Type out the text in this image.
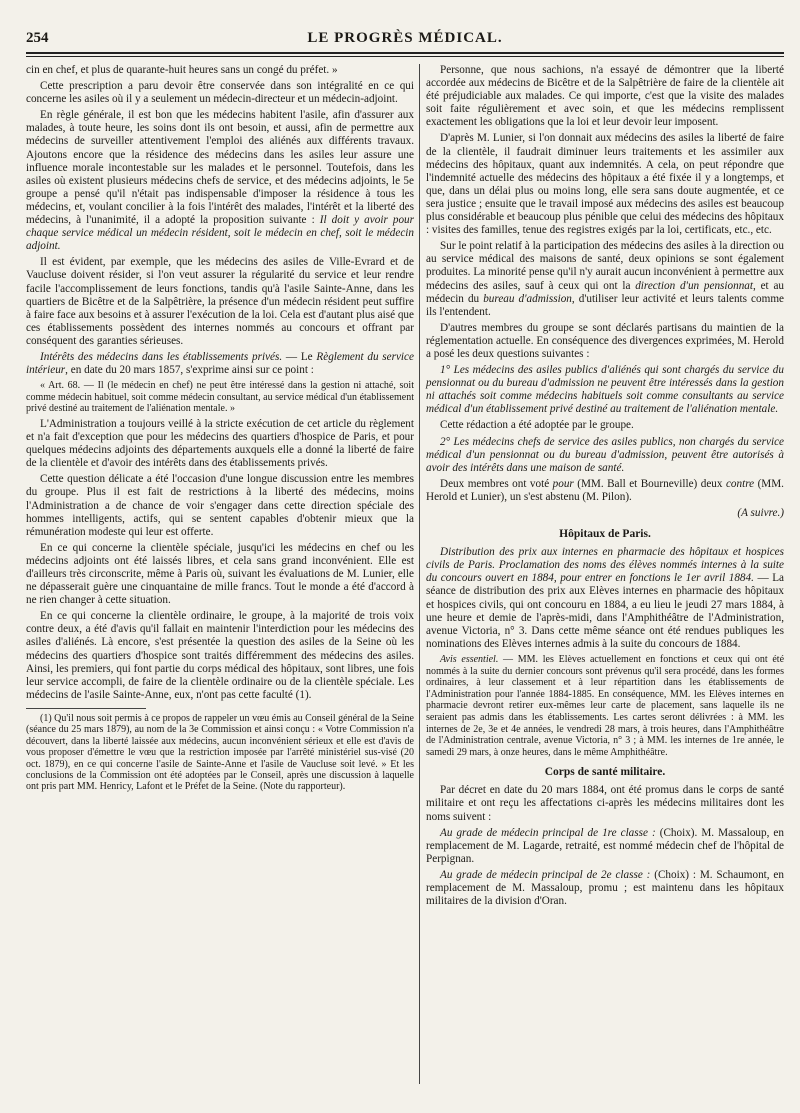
254	LE PROGRÈS MÉDICAL.

cin en chef, et plus de quarante-huit heures sans un congé du préfet. »

Cette prescription a paru devoir être conservée dans son intégralité en ce qui concerne les asiles où il y a seulement un médecin-directeur et un médecin-adjoint.

En règle générale, il est bon que les médecins habitent l'asile, afin d'assurer aux malades, à toute heure, les soins dont ils ont besoin, et aussi, afin de permettre aux médecins de surveiller attentivement l'emploi des aliénés aux différents travaux. Ajoutons encore que la résidence des médecins dans les asiles leur assure une influence morale incontestable sur les malades et le personnel. Toutefois, dans les asiles où existent plusieurs médecins chefs de service, et des médecins adjoints, le 5e groupe a pensé qu'il n'était pas indispensable d'imposer la résidence à tous les médecins, et, voulant concilier à la fois l'intérêt des malades, l'intérêt et la liberté des médecins, à l'unanimité, il a adopté la proposition suivante : Il doit y avoir pour chaque service médical un médecin résident, soit le médecin en chef, soit le médecin adjoint.

Il est évident, par exemple, que les médecins des asiles de Ville-Evrard et de Vaucluse doivent résider, si l'on veut assurer la régularité du service et leur rendre facile l'accomplissement de leurs fonctions, tandis qu'à l'asile Sainte-Anne, dans les quartiers de Bicêtre et de la Salpêtrière, la présence d'un médecin résident peut suffire à faire face aux besoins et à assurer l'exécution de la loi. Cela est d'autant plus aisé que ces établissements possèdent des internes nommés au concours et offrant par conséquent des garanties sérieuses.

Intérêts des médecins dans les établissements privés. — Le Règlement du service intérieur, en date du 20 mars 1857, s'exprime ainsi sur ce point :

« Art. 68. — Il (le médecin en chef) ne peut être intéressé dans la gestion ni attaché, soit comme médecin habituel, soit comme médecin consultant, au service médical d'un établissement privé destiné au traitement de l'aliénation mentale. »

L'Administration a toujours veillé à la stricte exécution de cet article du règlement et n'a fait d'exception que pour les médecins des quartiers d'hospice de Paris, et pour quelques médecins adjoints des départements auxquels elle a donné la liberté de faire de la clientèle et d'avoir des intérêts dans des établissements privés.

Cette question délicate a été l'occasion d'une longue discussion entre les membres du groupe. Plus il est fait de restrictions à la liberté des médecins, moins l'Administration a de chance de voir s'engager dans cette direction spéciale des hommes intelligents, actifs, qui se sentent capables d'obtenir mieux que la rémunération modeste qui leur est offerte.

En ce qui concerne la clientèle spéciale, jusqu'ici les médecins en chef ou les médecins adjoints ont été laissés libres, et cela sans grand inconvénient. Elle est d'ailleurs très circonscrite, même à Paris où, suivant les évaluations de M. Lunier, elle ne dépasserait guère une cinquantaine de mille francs. Tout le monde a été d'accord à ne rien changer à cette situation.

En ce qui concerne la clientèle ordinaire, le groupe, à la majorité de trois voix contre deux, a été d'avis qu'il fallait en maintenir l'interdiction pour les médecins des asiles d'aliénés. Là encore, s'est présentée la question des asiles de la Seine où les médecins des quartiers d'hospice sont traités différemment des médecins des asiles. Ainsi, les premiers, qui font partie du corps médical des hôpitaux, sont libres, une fois leur service accompli, de faire de la clientèle ordinaire ou de la clientèle spéciale. Les médecins de l'asile Sainte-Anne, eux, n'ont pas cette faculté (1).

(1) Qu'il nous soit permis à ce propos de rappeler un vœu émis au Conseil général de la Seine (séance du 25 mars 1879), au nom de la 3e Commission et ainsi conçu : « Votre Commission n'a découvert, dans la liberté laissée aux médecins, aucun inconvénient sérieux et elle est d'avis de vous proposer d'émettre le vœu que la restriction imposée par l'arrêté ministériel sus-visé (20 oct. 1879), en ce qui concerne l'asile de Sainte-Anne et l'asile de Vaucluse soit levé. » Et les conclusions de la Commission ont été adoptées par le Conseil, après une discussion à laquelle ont pris part MM. Henricy, Lafont et le Préfet de la Seine. (Note du rapporteur).

Personne, que nous sachions, n'a essayé de démontrer que la liberté accordée aux médecins de Bicêtre et de la Salpêtrière de faire de la clientèle ait été préjudiciable aux malades. Ce qui importe, c'est que la visite des malades soit faite régulièrement et avec soin, et que les médecins remplissent exactement les obligations que la loi et leur devoir leur imposent.

D'après M. Lunier, si l'on donnait aux médecins des asiles la liberté de faire de la clientèle, il faudrait diminuer leurs traitements et les assimiler aux médecins des hôpitaux, quant aux indemnités. A cela, on peut répondre que l'indemnité actuelle des médecins des hôpitaux a été fixée il y a longtemps, et que, dans un délai plus ou moins long, elle sera sans doute augmentée, et ce sera justice ; ensuite que le travail imposé aux médecins des asiles est beaucoup plus considérable et beaucoup plus pénible que celui des médecins des hôpitaux : visites des familles, tenue des registres exigés par la loi, certificats, etc., etc.

Sur le point relatif à la participation des médecins des asiles à la direction ou au service médical des maisons de santé, deux opinions se sont également produites. La minorité pense qu'il n'y aurait aucun inconvénient à permettre aux médecins des asiles, sauf à ceux qui ont la direction d'un pensionnat, et au médecin du bureau d'admission, d'utiliser leur activité et leurs talents comme ils l'entendent.

D'autres membres du groupe se sont déclarés partisans du maintien de la réglementation actuelle. En conséquence des divergences exprimées, M. Herold a posé les deux questions suivantes :

1° Les médecins des asiles publics d'aliénés qui sont chargés du service du pensionnat ou du bureau d'admission ne peuvent être intéressés dans la gestion ni attachés soit comme médecins habituels soit comme consultants au service médical d'un établissement privé destiné au traitement de l'aliénation mentale.

Cette rédaction a été adoptée par le groupe.

2° Les médecins chefs de service des asiles publics, non chargés du service médical d'un pensionnat ou du bureau d'admission, peuvent être autorisés à avoir des intérêts dans une maison de santé.

Deux membres ont voté pour (MM. Ball et Bourneville) deux contre (MM. Herold et Lunier), un s'est abstenu (M. Pilon).

(A suivre.)

Hôpitaux de Paris.

Distribution des prix aux internes en pharmacie des hôpitaux et hospices civils de Paris. Proclamation des noms des élèves nommés internes à la suite du concours ouvert en 1884, pour entrer en fonctions le 1er avril 1884. — La séance de distribution des prix aux Elèves internes en pharmacie des hôpitaux et hospices civils, qui ont concouru en 1884, a eu lieu le jeudi 27 mars 1884, à une heure et demie de l'après-midi, dans l'Amphithéâtre de l'Administration, avenue Victoria, n° 3. Dans cette même séance ont été rendues publiques les nominations des Elèves internes admis à la suite du concours de 1884.

Avis essentiel. — MM. les Elèves actuellement en fonctions et ceux qui ont été nommés à la suite du dernier concours sont prévenus qu'il sera procédé, dans les formes ordinaires, à leur classement et à leur répartition dans les établissements de l'Administration pour l'année 1884-1885. En conséquence, MM. les Elèves internes en pharmacie devront retirer eux-mêmes leur carte de placement, sans laquelle ils ne seraient pas admis dans les établissements. Les cartes seront délivrées : à MM. les internes de 2e, 3e et 4e années, le vendredi 28 mars, à trois heures, dans l'Amphithéâtre de l'Administration centrale, avenue Victoria, n° 3 ; à MM. les internes de 1re année, le samedi 29 mars, à onze heures, dans le même Amphithéâtre.

Corps de santé militaire.

Par décret en date du 20 mars 1884, ont été promus dans le corps de santé militaire et ont reçu les affectations ci-après les médecins militaires dont les noms suivent :

Au grade de médecin principal de 1re classe : (Choix). M. Massaloup, en remplacement de M. Lagarde, retraité, est nommé médecin chef de l'hôpital de Perpignan.

Au grade de médecin principal de 2e classe : (Choix) : M. Schaumont, en remplacement de M. Massaloup, promu ; est maintenu dans les hôpitaux militaires de la division d'Oran.
